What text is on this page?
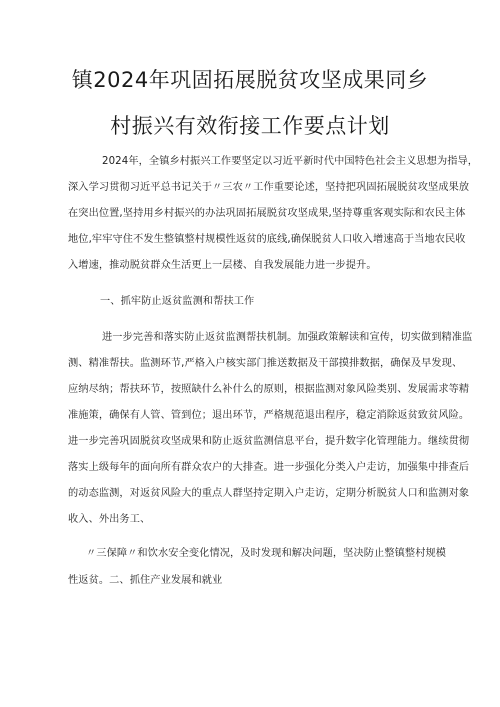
镇2024年巩固拓展脱贫攻坚成果同乡
村振兴有效衔接工作要点计划
2024年，全镇乡村振兴工作要坚定以习近平新时代中国特色社会主义思想为指导，
深入学习贯彻习近平总书记关于〃三农〃工作重要论述，坚持把巩固拓展脱贫攻坚成果放
在突出位置,坚持用乡村振兴的办法巩固拓展脱贫攻坚成果,坚持尊重客观实际和农民主体
地位,牢牢守住不发生整镇整村规模性返贫的底线,确保脱贫人口收入增速高于当地农民收
入增速，推动脱贫群众生活更上一层楼、自我发展能力进一步提升。
一、抓牢防止返贫监测和帮扶工作
进一步完善和落实防止返贫监测帮扶机制。加强政策解读和宣传，切实做到精准监
测、精准帮扶。监测环节,严格入户核实部门推送数据及干部摸排数据，确保及早发现、
应纳尽纳；帮扶环节，按照缺什么补什么的原则，根据监测对象风险类别、发展需求等精
准施策，确保有人管、管到位；退出环节，严格规范退出程序，稳定消除返贫致贫风险。
进一步完善巩固脱贫攻坚成果和防止返贫监测信息平台，提升数字化管理能力。继续贯彻
落实上级每年的面向所有群众农户的大排查。进一步强化分类入户走访，加强集中排查后
的动态监测，对返贫风险大的重点人群坚持定期入户走访，定期分析脱贫人口和监测对象
收入、外出务工、
〃三保障〃和饮水安全变化情况，及时发现和解决问题，坚决防止整镇整村规模
性返贫。二、抓住产业发展和就业
